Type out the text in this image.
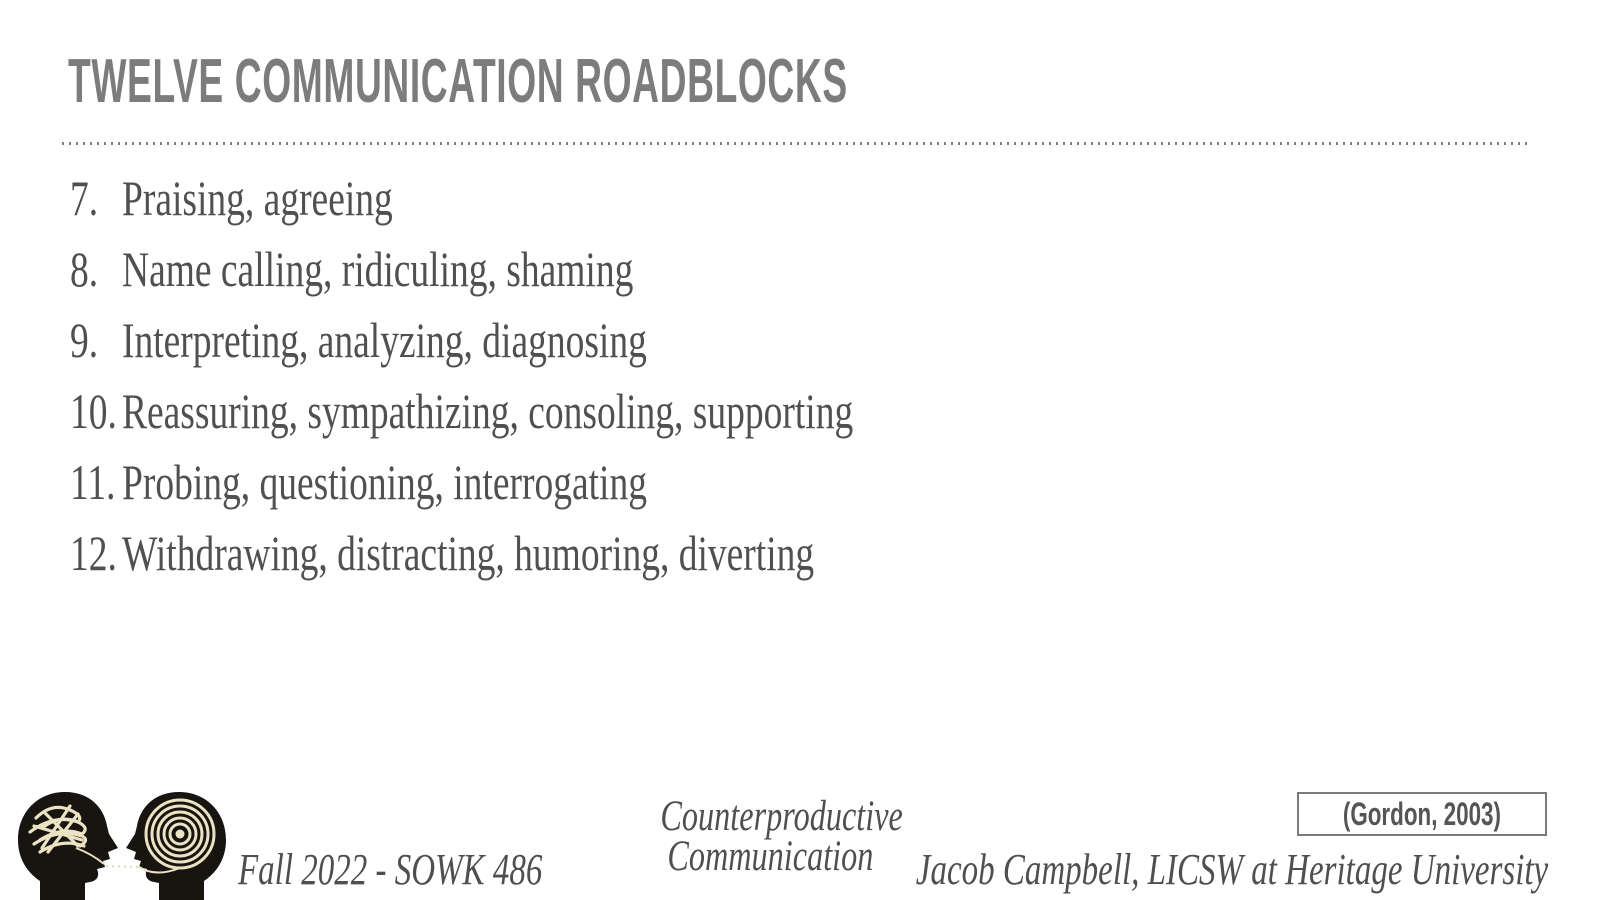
TWELVE COMMUNICATION ROADBLOCKS
7. Praising, agreeing
8. Name calling, ridiculing, shaming
9. Interpreting, analyzing, diagnosing
10. Reassuring, sympathizing, consoling, supporting
11. Probing, questioning, interrogating
12. Withdrawing, distracting, humoring, diverting
Fall 2022 - SOWK 486
Counterproductive
Communication
(Gordon, 2003)
Jacob Campbell, LICSW at Heritage University
